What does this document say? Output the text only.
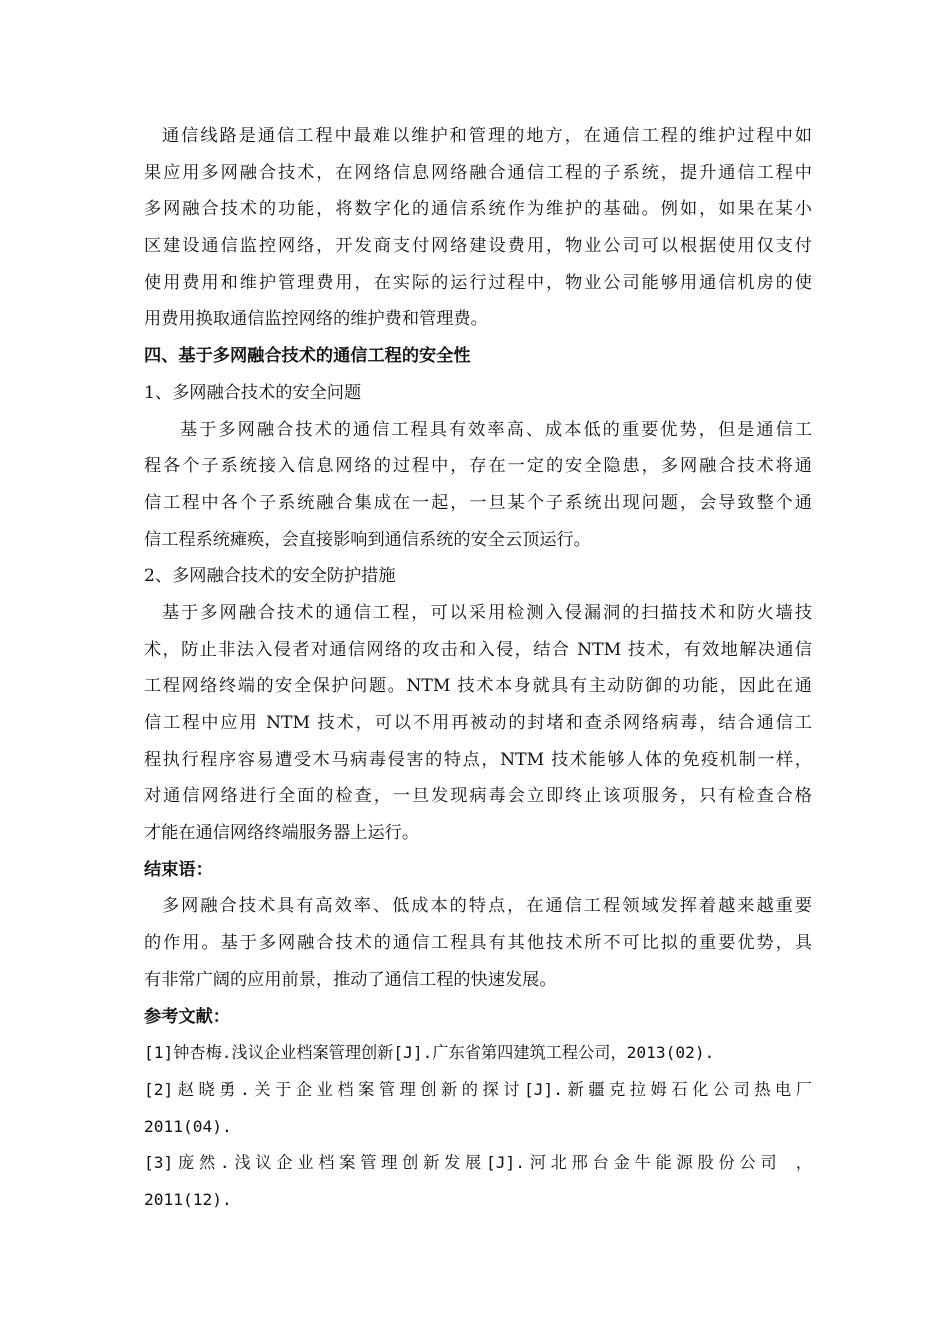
通信线路是通信工程中最难以维护和管理的地方，在通信工程的维护过程中如
果应用多网融合技术，在网络信息网络融合通信工程的子系统，提升通信工程中
多网融合技术的功能，将数字化的通信系统作为维护的基础。例如，如果在某小
区建设通信监控网络，开发商支付网络建设费用，物业公司可以根据使用仅支付
使用费用和维护管理费用，在实际的运行过程中，物业公司能够用通信机房的使
用费用换取通信监控网络的维护费和管理费。
四、基于多网融合技术的通信工程的安全性
1、多网融合技术的安全问题
基于多网融合技术的通信工程具有效率高、成本低的重要优势，但是通信工
程各个子系统接入信息网络的过程中，存在一定的安全隐患，多网融合技术将通
信工程中各个子系统融合集成在一起，一旦某个子系统出现问题，会导致整个通
信工程系统瘫痪，会直接影响到通信系统的安全云顶运行。
2、多网融合技术的安全防护措施
基于多网融合技术的通信工程，可以采用检测入侵漏洞的扫描技术和防火墙技
术，防止非法入侵者对通信网络的攻击和入侵，结合 NTM 技术，有效地解决通信
工程网络终端的安全保护问题。NTM 技术本身就具有主动防御的功能，因此在通
信工程中应用 NTM 技术，可以不用再被动的封堵和查杀网络病毒，结合通信工
程执行程序容易遭受木马病毒侵害的特点，NTM 技术能够人体的免疫机制一样，
对通信网络进行全面的检查，一旦发现病毒会立即终止该项服务，只有检查合格
才能在通信网络终端服务器上运行。
结束语：
多网融合技术具有高效率、低成本的特点，在通信工程领域发挥着越来越重要
的作用。基于多网融合技术的通信工程具有其他技术所不可比拟的重要优势，具
有非常广阔的应用前景，推动了通信工程的快速发展。
参考文献：
[1]钟杏梅.浅议企业档案管理创新[J].广东省第四建筑工程公司，2013(02).
[2]赵晓勇.关于企业档案管理创新的探讨[J].新疆克拉姆石化公司热电厂
2011(04).
[3]庞然.浅议企业档案管理创新发展[J].河北邢台金牛能源股份公司 ，
2011(12).
